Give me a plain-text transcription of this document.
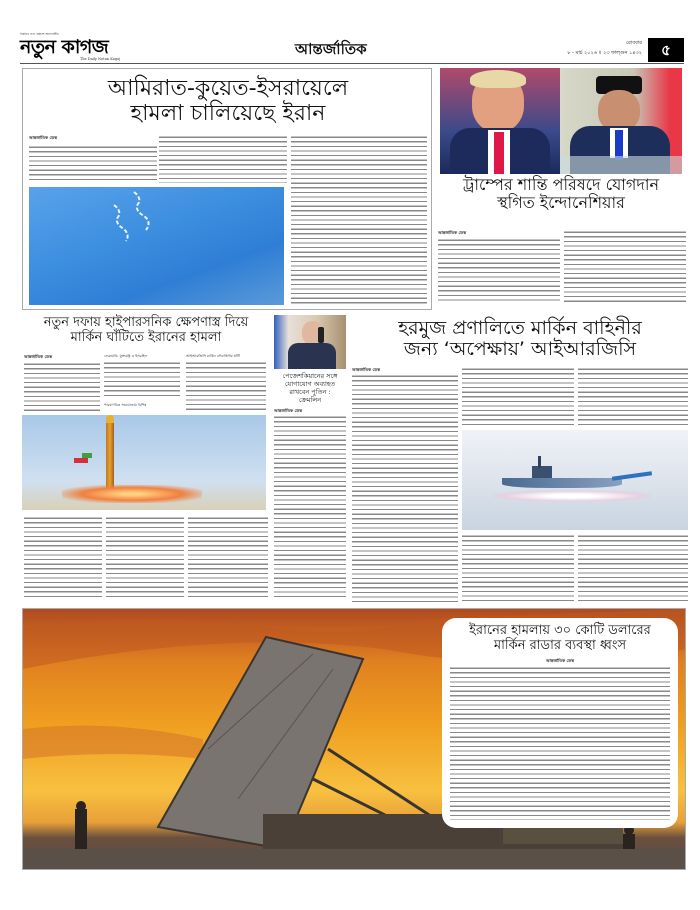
নিয়মিত সত্য প্রকাশে আপোষহীন
নতুন কাগজ
The Daily Notun Kagoj
আন্তর্জাতিক	রোববার
৮ - মার্চ ২০২৬ ॥ ২৩ ফাল্গুন ১৪৩২	৫
আমিরাত-কুয়েত-ইসরায়েলে
হামলা চালিয়েছে ইরান
আন্তর্জাতিক ডেস্ক
ট্রাম্পের শান্তি পরিষদে যোগদান
স্থগিত ইন্দোনেশিয়ার
আন্তর্জাতিক ডেস্ক
নতুন দফায় হাইপারসনিক ক্ষেপণাস্ত্র দিয়ে
মার্কিন ঘাঁটিতে ইরানের হামলা
আন্তর্জাতিক ডেস্ক	ফেব্রুয়ারি: যুক্তরাষ্ট্র ও ইসরাইল
পারমাণবিক সমঝোতায় বিপিন্ন
আইআরজিসি মার্কিন নৌবাহিনীর ঘাঁটি
পেজেশকিয়ানের সঙ্গে
যোগাযোগ অব্যাহত
রাখবেন পুতিন :
ক্রেমলিন
আন্তর্জাতিক ডেস্ক
হরমুজ প্রণালিতে মার্কিন বাহিনীর
জন্য ‘অপেক্ষায়’ আইআরজিসি
আন্তর্জাতিক ডেস্ক
ইরানের হামলায় ৩০ কোটি ডলারের
মার্কিন রাডার ব্যবস্থা ধ্বংস
আন্তর্জাতিক ডেস্ক
